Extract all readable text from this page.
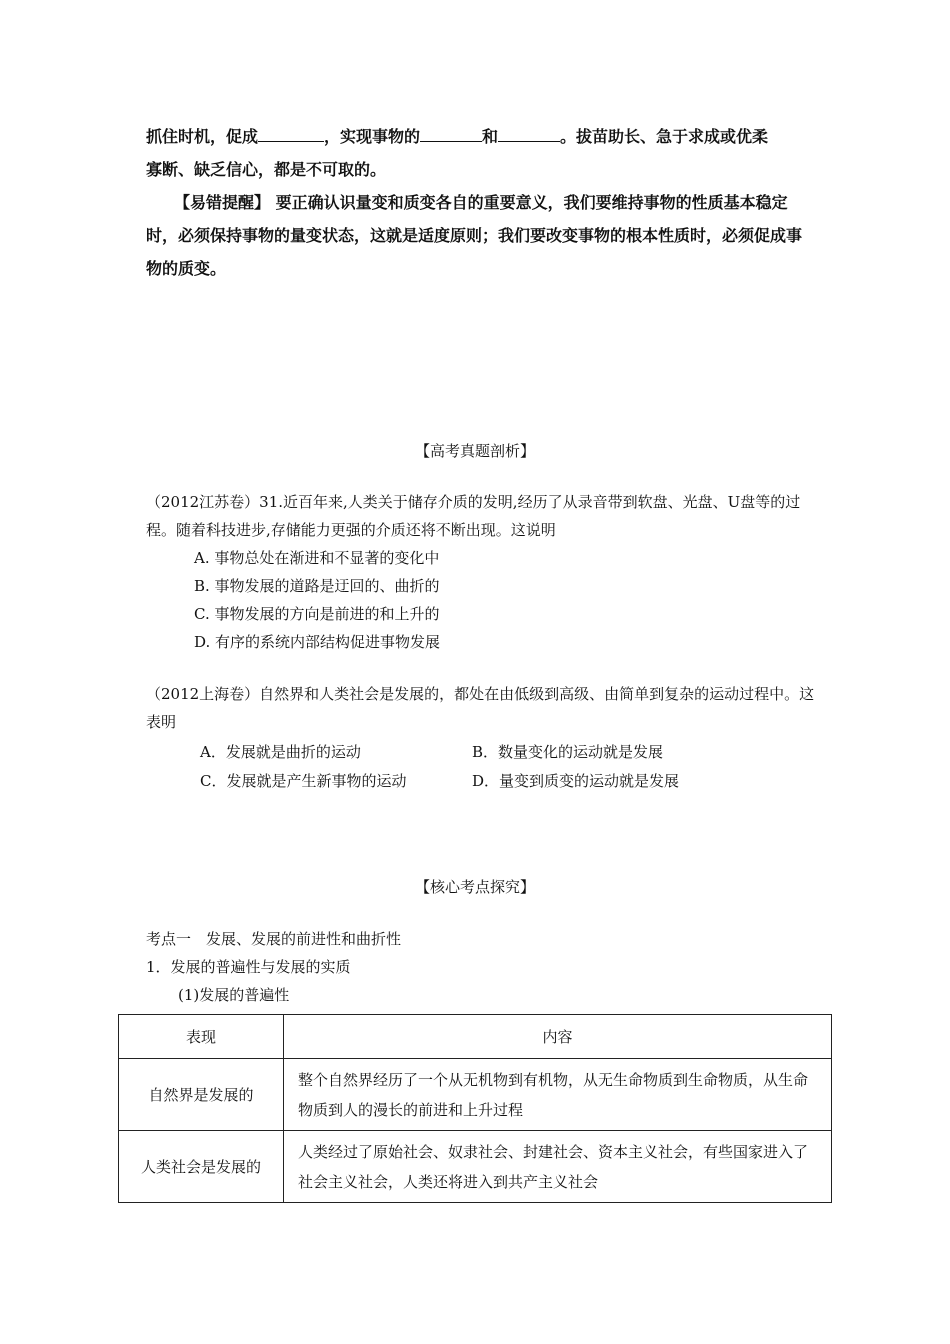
抓住时机，促成	，实现事物的	和	。拔苗助长、急于求成或优柔

寡断、缺乏信心，都是不可取的。

【易错提醒】 要正确认识量变和质变各自的重要意义，我们要维持事物的性质基本稳定时，必须保持事物的量变状态，这就是适度原则；我们要改变事物的根本性质时，必须促成事物的质变。

【高考真题剖析】

（2012江苏卷）31.近百年来,人类关于储存介质的发明,经历了从录音带到软盘、光盘、U盘等的过程。随着科技进步,存储能力更强的介质还将不断出现。这说明

A. 事物总处在渐进和不显著的变化中
B. 事物发展的道路是迂回的、曲折的
C. 事物发展的方向是前进的和上升的
D. 有序的系统内部结构促进事物发展

（2012上海卷）自然界和人类社会是发展的，都处在由低级到高级、由简单到复杂的运动过程中。这表明

A．发展就是曲折的运动	B．数量变化的运动就是发展
C．发展就是产生新事物的运动	D．量变到质变的运动就是发展
【核心考点探究】
考点一　发展、发展的前进性和曲折性
1．发展的普遍性与发展的实质
(1)发展的普遍性
表现	内容
自然界是发展的	整个自然界经历了一个从无机物到有机物，从无生命物质到生命物质，从生命物质到人的漫长的前进和上升过程
人类社会是发展的	人类经过了原始社会、奴隶社会、封建社会、资本主义社会，有些国家进入了社会主义社会，人类还将进入到共产主义社会
